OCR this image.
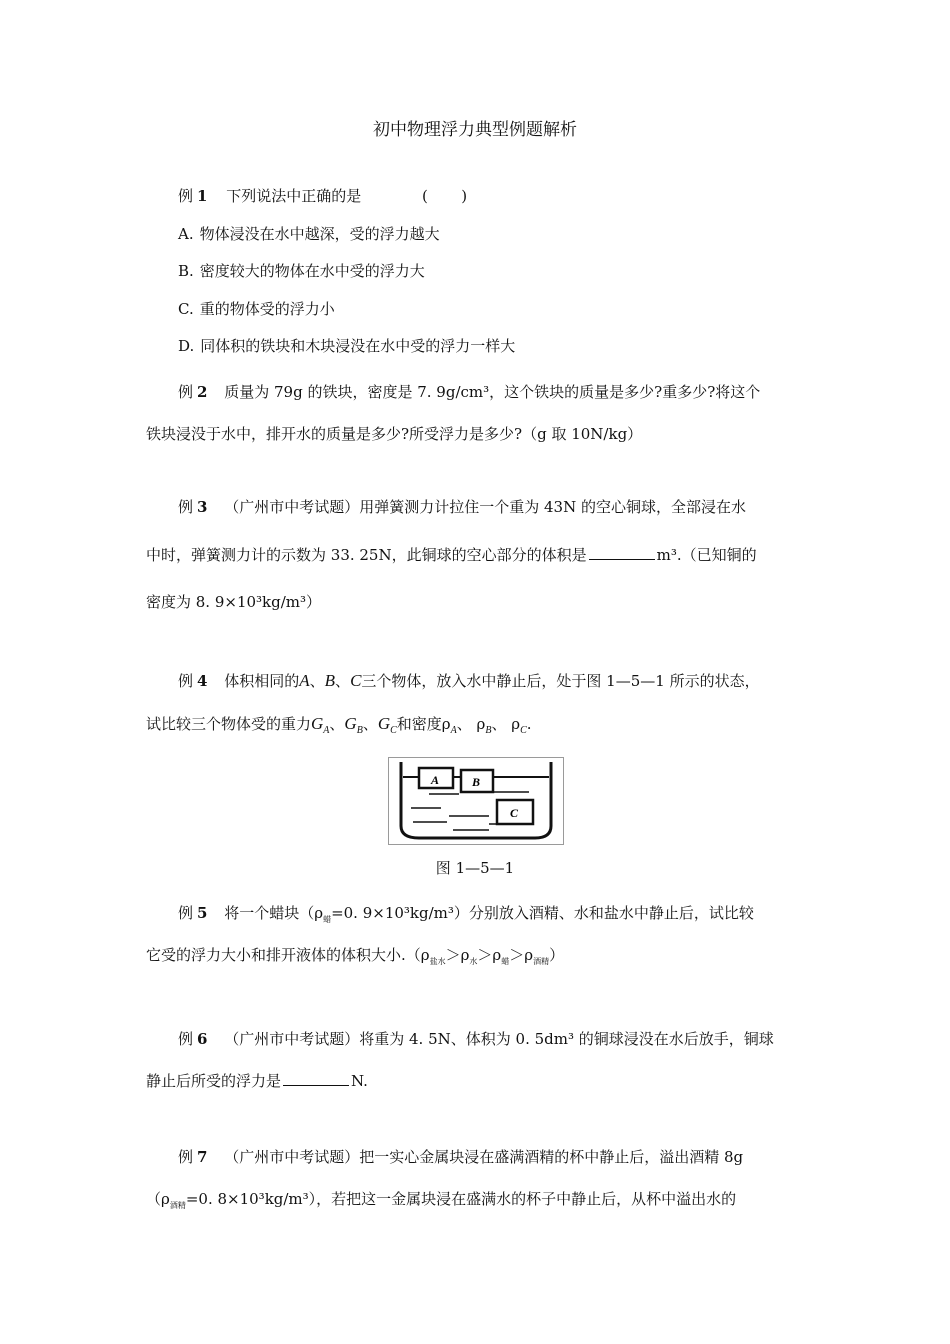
初中物理浮力典型例题解析
例 1 下列说法中正确的是	(       )
A. 物体浸没在水中越深，受的浮力越大
B. 密度较大的物体在水中受的浮力大
C. 重的物体受的浮力小
D. 同体积的铁块和木块浸没在水中受的浮力一样大
例 2 质量为 79g 的铁块，密度是 7. 9g/cm³，这个铁块的质量是多少?重多少?将这个
铁块浸没于水中，排开水的质量是多少?所受浮力是多少?（g 取 10N/kg）
例 3 （广州市中考试题）用弹簧测力计拉住一个重为 43N 的空心铜球，全部浸在水
中时，弹簧测力计的示数为 33. 25N，此铜球的空心部分的体积是	m³.（已知铜的
密度为 8. 9×10³kg/m³）
例 4 体积相同的A、B、C三个物体，放入水中静止后，处于图 1—5—1 所示的状态，
试比较三个物体受的重力$G_A$、$G_B$、$G_C$和密度$\rho_A$、 $\rho_B$、 $\rho_C$.
A	B
C
图 1—5—1
例 5 将一个蜡块（$\rho_蜡=0$. 9×10³kg/m³）分别放入酒精、水和盐水中静止后，试比较
它受的浮力大小和排开液体的体积大小$.(\rho_{盐水}>\rho_水>\rho_蜡>\rho_{酒精})$
例 6 （广州市中考试题）将重为 4. 5N、体积为 0. 5dm³ 的铜球浸没在水后放手，铜球
静止后所受的浮力是	N.
例 7 （广州市中考试题）把一实心金属块浸在盛满酒精的杯中静止后，溢出酒精 8g
（$\rho_{酒精}=0$. 8×10³kg/m³），若把这一金属块浸在盛满水的杯子中静止后，从杯中溢出水的
